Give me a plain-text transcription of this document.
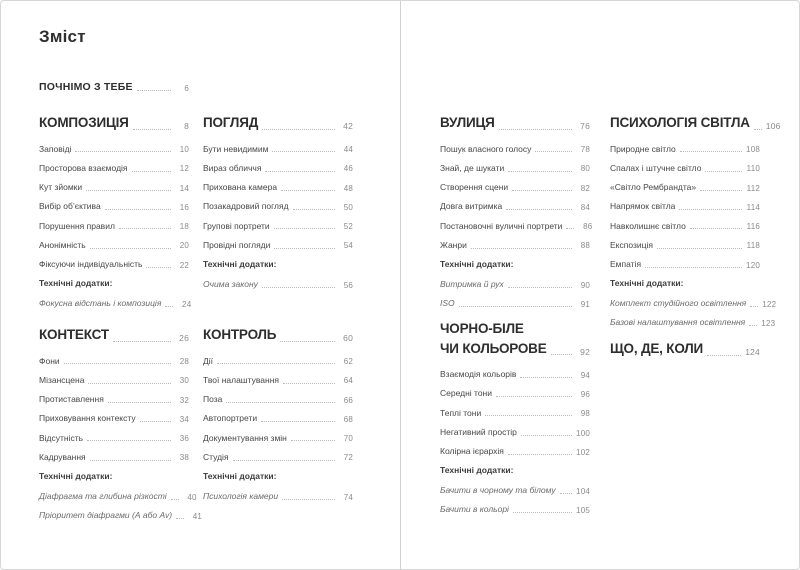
Зміст
ПОЧНІМО З ТЕБЕ	6
КОМПОЗИЦІЯ	8
Заповіді	10
Просторова взаємодія	12
Кут зйомки	14
Вибір об’єктива	16
Порушення правил	18
Анонімність	20
Фіксуючи індивідуальність	22
Технічні додатки:
Фокусна відстань і композиція	24
КОНТЕКСТ	26
Фони	28
Мізансцена	30
Протиставлення	32
Приховування контексту	34
Відсутність	36
Кадрування	38
Технічні додатки:
Діафрагма та глибина різкості	40
Пріоритет діафрагми (А або Av)	41
ПОГЛЯД	42
Бути невидимим	44
Вираз обличчя	46
Прихована камера	48
Позакадровий погляд	50
Групові портрети	52
Провідні погляди	54
Технічні додатки:
Очима закону	56
КОНТРОЛЬ	60
Дії	62
Твої налаштування	64
Поза	66
Автопортрети	68
Документування змін	70
Студія	72
Технічні додатки:
Психологія камери	74
ВУЛИЦЯ	76
Пошук власного голосу	78
Знай, де шукати	80
Створення сцени	82
Довга витримка	84
Постановочні вуличні портрети	86
Жанри	88
Технічні додатки:
Витримка й рух	90
ISO	91
ЧОРНО-БІЛЕ
ЧИ КОЛЬОРОВЕ	92
Взаємодія кольорів	94
Середні тони	96
Теплі тони	98
Негативний простір	100
Колірна ієрархія	102
Технічні додатки:
Бачити в чорному та білому	104
Бачити в кольорі	105
ПСИХОЛОГІЯ СВІТЛА 106
Природне світло	108
Спалах і штучне світло	110
«Світло Рембрандта»	112
Напрямок світла	114
Навколишнє світло	116
Експозиція	118
Емпатія	120
Технічні додатки:
Комплект студійного освітлення 122
Базові налаштування освітлення 123
ЩО, ДЕ, КОЛИ	124
